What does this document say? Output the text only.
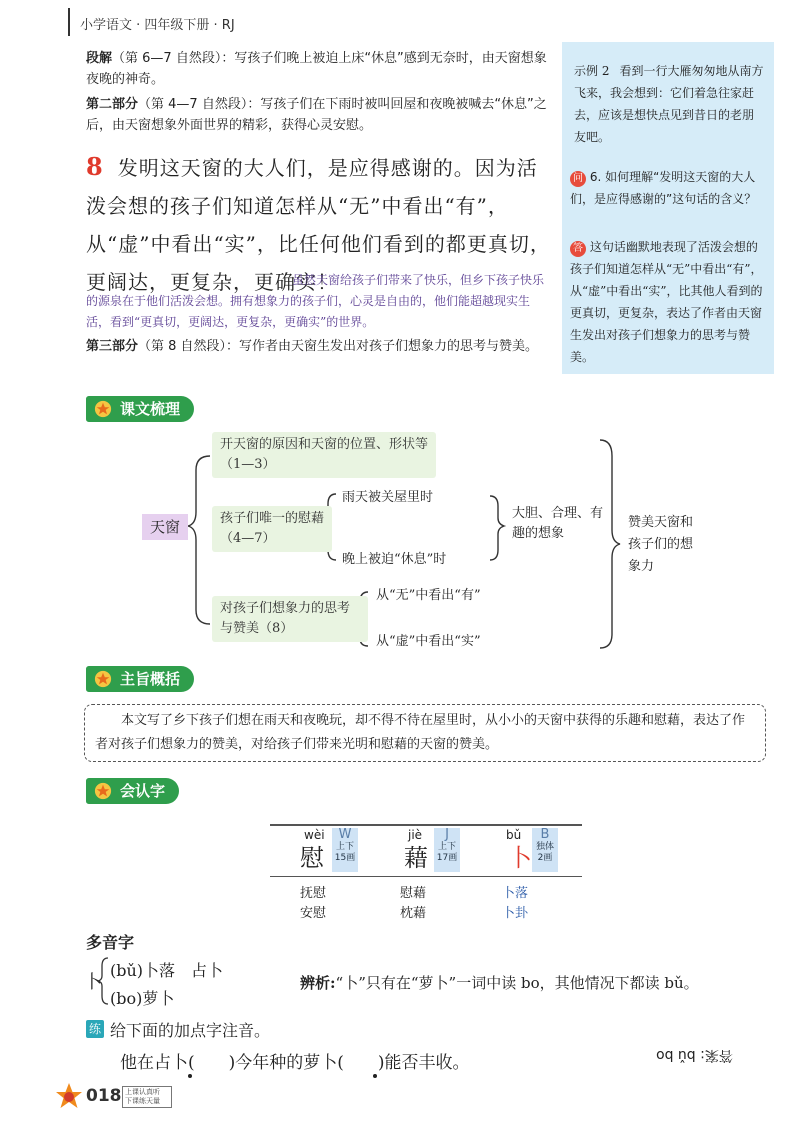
小学语文 · 四年级下册 · RJ
段解（第 6—7 自然段）：写孩子们晚上被迫上床“休息”感到无奈时，由天窗想象夜晚的神奇。
第二部分（第 4—7 自然段）：写孩子们在下雨时被叫回屋和夜晚被喊去“休息”之后，由天窗想象外面世界的精彩，获得心灵安慰。
8 发明这天窗的大人们，是应得感谢的。因为活泼会想的孩子们知道怎样从“无”中看出“有”，从“虚”中看出“实”，比任何他们看到的都更真切，更阔达，更复杂，更确实！
虽然天窗给孩子们带来了快乐，但乡下孩子快乐的源泉在于他们活泼会想。拥有想象力的孩子们，心灵是自由的，他们能超越现实生活，看到“更真切，更阔达，更复杂，更确实”的世界。
第三部分（第 8 自然段）：写作者由天窗生发出对孩子们想象力的思考与赞美。
示例 2 看到一行大雁匆匆地从南方飞来，我会想到：它们着急往家赶去，应该是想快点见到昔日的老朋友吧。
问 6. 如何理解“发明这天窗的大人们，是应得感谢的”这句话的含义？
答 这句话幽默地表现了活泼会想的孩子们知道怎样从“无”中看出“有”，从“虚”中看出“实”，比其他人看到的更真切，更复杂，表达了作者由天窗生发出对孩子们想象力的思考与赞美。
课文梳理
天窗
开天窗的原因和天窗的位置、形状等（1—3）
孩子们唯一的慰藉（4—7）
雨天被关屋里时
晚上被迫“休息”时
大胆、合理、有趣的想象
对孩子们想象力的思考与赞美（8）
从“无”中看出“有”
从“虚”中看出“实”
赞美天窗和孩子们的想象力
主旨概括
本文写了乡下孩子们想在雨天和夜晚玩，却不得不待在屋里时，从小小的天窗中获得的乐趣和慰藉，表达了作者对孩子们想象力的赞美，对给孩子们带来光明和慰藉的天窗的赞美。
会认字
wèi
慰
W
上下
15画
抚慰
安慰
jiè
藉
J
上下
17画
慰藉
枕藉
bǔ
卜
B
独体
2画
卜落
卜卦
多音字
卜
(bǔ)卜落　占卜
(bo)萝卜
辨析:“卜”只有在“萝卜”一词中读 bo，其他情况下都读 bǔ。
练 给下面的加点字注音。
他在占卜(　　)今年种的萝卜(　　)能否丰收。	答案: bǔ bo
018 上课认真听
下课练天量
